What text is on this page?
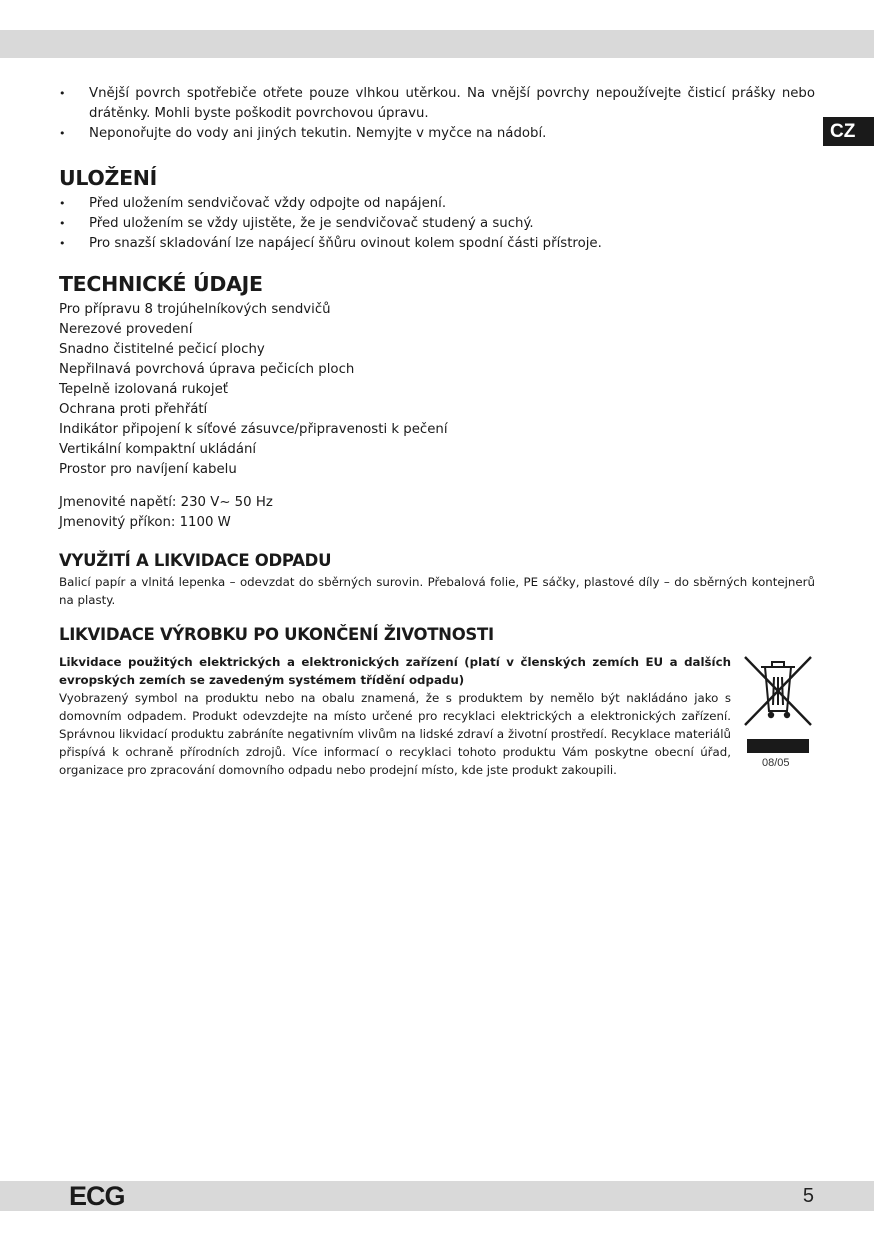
CZ
• Vnější povrch spotřebiče otřete pouze vlhkou utěrkou. Na vnější povrchy nepoužívejte čisticí prášky nebo drátěnky. Mohli byste poškodit povrchovou úpravu.
• Neponořujte do vody ani jiných tekutin. Nemyjte v myčce na nádobí.
ULOŽENÍ
• Před uložením sendvičovač vždy odpojte od napájení.
• Před uložením se vždy ujistěte, že je sendvičovač studený a suchý.
• Pro snazší skladování lze napájecí šňůru ovinout kolem spodní části přístroje.
TECHNICKÉ ÚDAJE
Pro přípravu 8 trojúhelníkových sendvičů
Nerezové provedení
Snadno čistitelné pečicí plochy
Nepřilnavá povrchová úprava pečicích ploch
Tepelně izolovaná rukojeť
Ochrana proti přehřátí
Indikátor připojení k síťové zásuvce/připravenosti k pečení
Vertikální kompaktní ukládání
Prostor pro navíjení kabelu
Jmenovité napětí: 230 V~ 50 Hz
Jmenovitý příkon: 1100 W
VYUŽITÍ A LIKVIDACE ODPADU
Balicí papír a vlnitá lepenka – odevzdat do sběrných surovin. Přebalová folie, PE sáčky, plastové díly – do sběrných kontejnerů na plasty.
LIKVIDACE VÝROBKU PO UKONČENÍ ŽIVOTNOSTI
Likvidace použitých elektrických a elektronických zařízení (platí v členských zemích EU a dalších evropských zemích se zavedeným systémem třídění odpadu)
Vyobrazený symbol na produktu nebo na obalu znamená, že s produktem by nemělo být nakládáno jako s domovním odpadem. Produkt odevzdejte na místo určené pro recyklaci elektrických a elektronických zařízení. Správnou likvidací produktu zabráníte negativním vlivům na lidské zdraví a životní prostředí. Recyklace materiálů přispívá k ochraně přírodních zdrojů. Více informací o recyklaci tohoto produktu Vám poskytne obecní úřad, organizace pro zpracování domovního odpadu nebo prodejní místo, kde jste produkt zakoupili.	08/05
ECG	5
